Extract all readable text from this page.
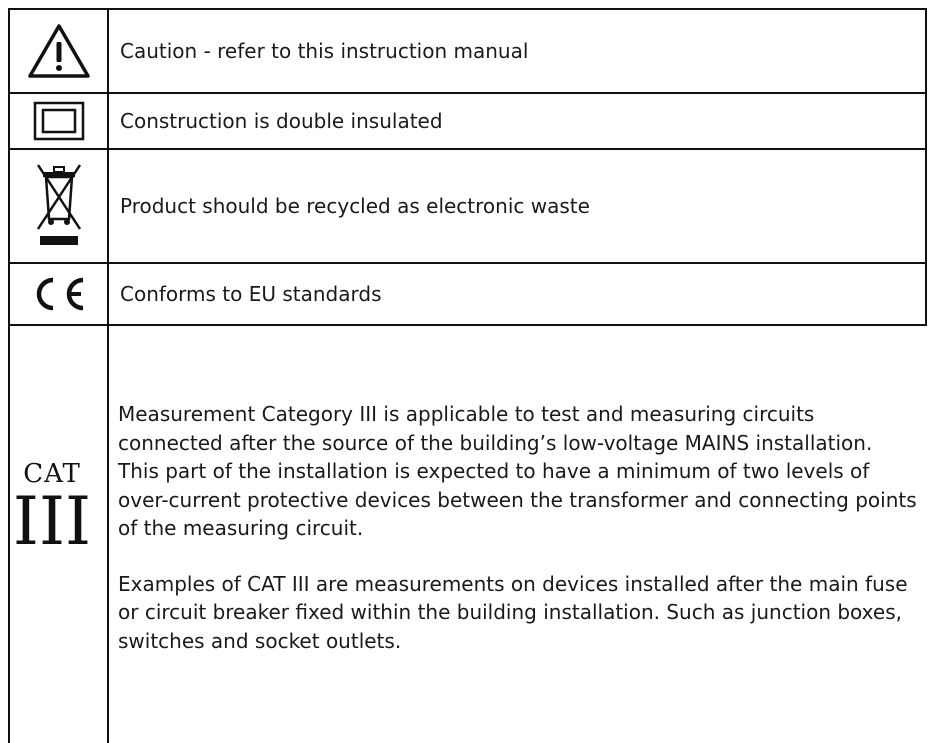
Caution - refer to this instruction manual
Construction is double insulated
Product should be recycled as electronic waste
Conforms to EU standards
CAT
III

Measurement Category III is applicable to test and measuring circuits connected after the source of the building’s low-voltage MAINS installation. This part of the installation is expected to have a minimum of two levels of over-current protective devices between the transformer and connecting points of the measuring circuit.

Examples of CAT III are measurements on devices installed after the main fuse or circuit breaker fixed within the building installation. Such as junction boxes, switches and socket outlets.
